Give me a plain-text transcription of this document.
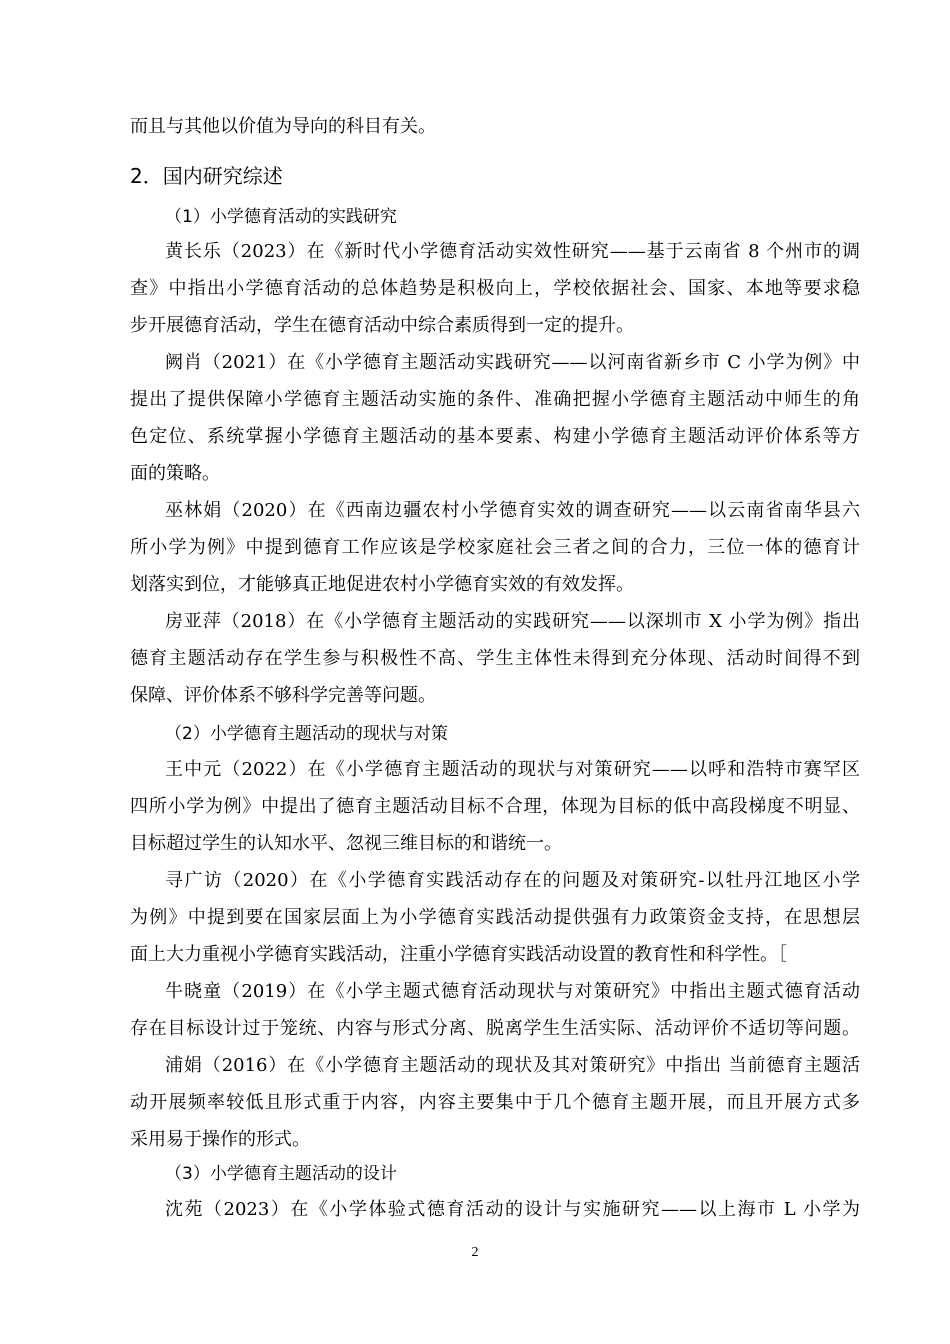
而且与其他以价值为导向的科目有关。

2．国内研究综述
（1）小学德育活动的实践研究

黄长乐（2023）在《新时代小学德育活动实效性研究——基于云南省 8 个州市的调

查》中指出小学德育活动的总体趋势是积极向上，学校依据社会、国家、本地等要求稳

步开展德育活动，学生在德育活动中综合素质得到一定的提升。

阙肖（2021）在《小学德育主题活动实践研究——以河南省新乡市 C 小学为例》中

提出了提供保障小学德育主题活动实施的条件、准确把握小学德育主题活动中师生的角

色定位、系统掌握小学德育主题活动的基本要素、构建小学德育主题活动评价体系等方

面的策略。

巫林娟（2020）在《西南边疆农村小学德育实效的调查研究——以云南省南华县六

所小学为例》中提到德育工作应该是学校家庭社会三者之间的合力，三位一体的德育计

划落实到位，才能够真正地促进农村小学德育实效的有效发挥。

房亚萍（2018）在《小学德育主题活动的实践研究——以深圳市 X 小学为例》指出

德育主题活动存在学生参与积极性不高、学生主体性未得到充分体现、活动时间得不到

保障、评价体系不够科学完善等问题。

（2）小学德育主题活动的现状与对策

王中元（2022）在《小学德育主题活动的现状与对策研究——以呼和浩特市赛罕区

四所小学为例》中提出了德育主题活动目标不合理，体现为目标的低中高段梯度不明显、

目标超过学生的认知水平、忽视三维目标的和谐统一。

寻广访（2020）在《小学德育实践活动存在的问题及对策研究-以牡丹江地区小学

为例》中提到要在国家层面上为小学德育实践活动提供强有力政策资金支持，在思想层

面上大力重视小学德育实践活动，注重小学德育实践活动设置的教育性和科学性。［

牛晓童（2019）在《小学主题式德育活动现状与对策研究》中指出主题式德育活动

存在目标设计过于笼统、内容与形式分离、脱离学生生活实际、活动评价不适切等问题。

浦娟（2016）在《小学德育主题活动的现状及其对策研究》中指出 当前德育主题活

动开展频率较低且形式重于内容，内容主要集中于几个德育主题开展，而且开展方式多

采用易于操作的形式。

（3）小学德育主题活动的设计

沈苑（2023）在《小学体验式德育活动的设计与实施研究——以上海市 L 小学为

2
